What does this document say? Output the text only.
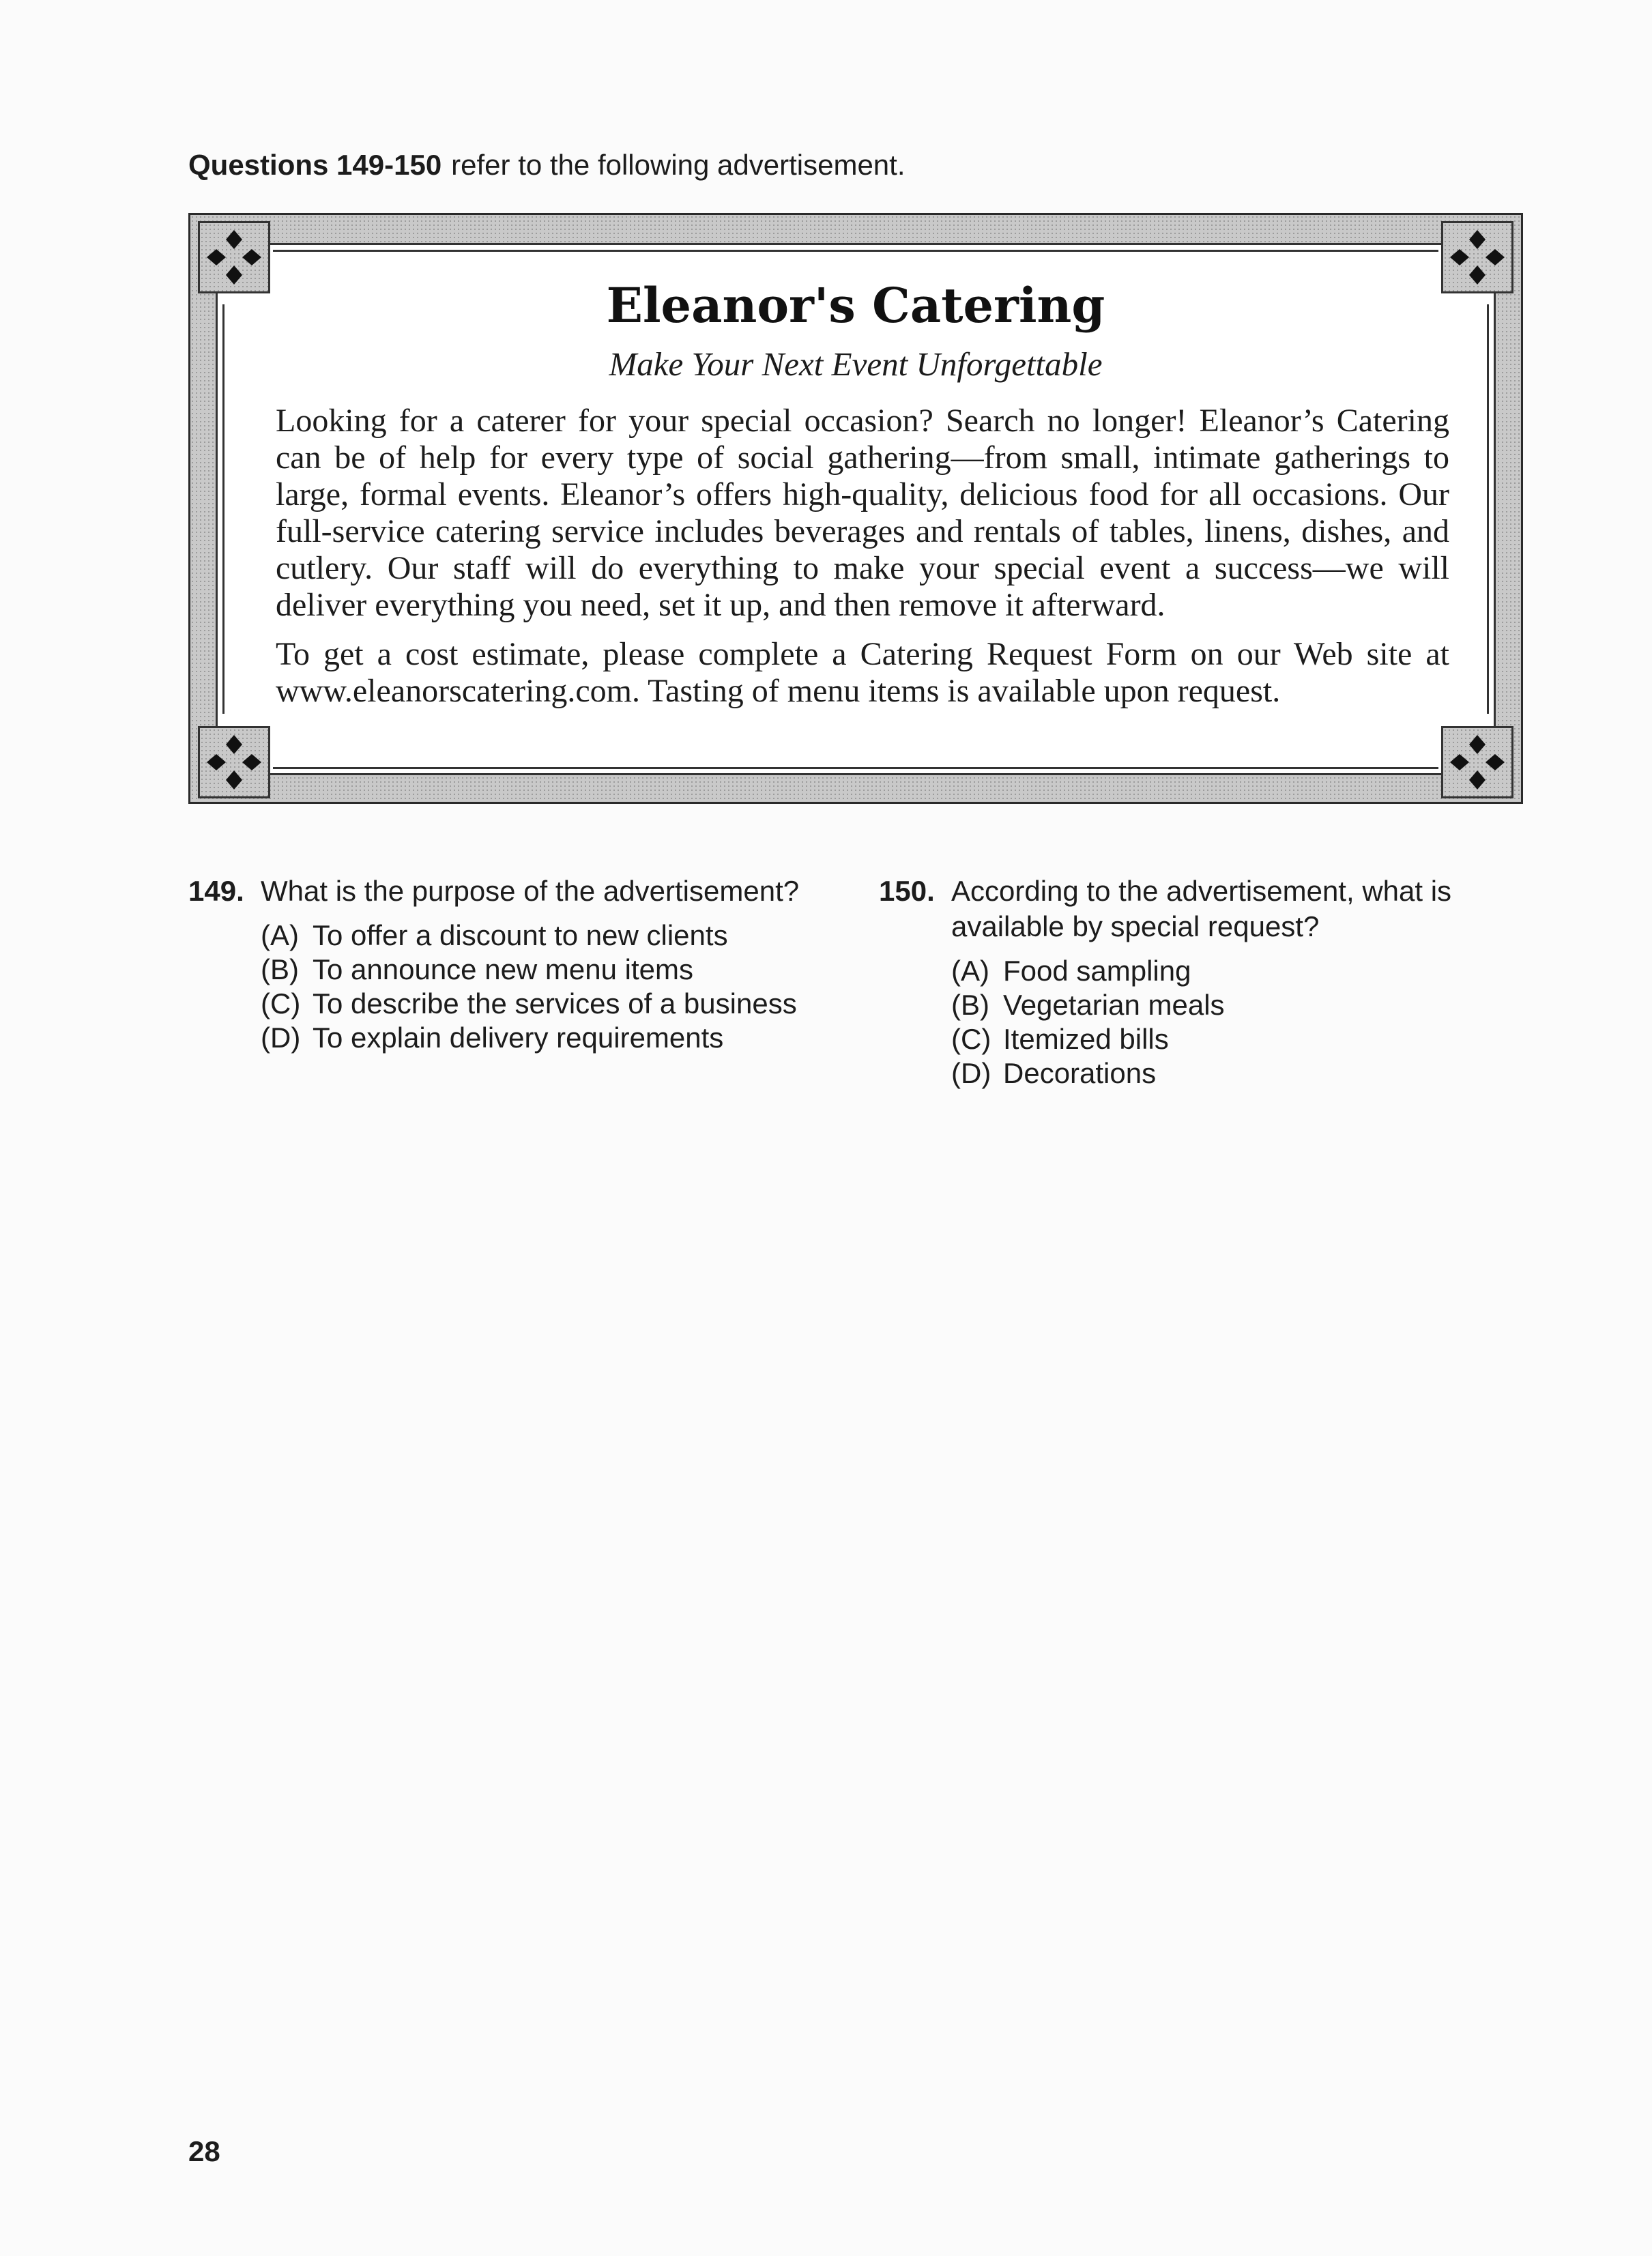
Questions 149-150 refer to the following advertisement.
Eleanor's Catering
Make Your Next Event Unforgettable

Looking for a caterer for your special occasion? Search no longer! Eleanor’s Catering can be of help for every type of social gathering—from small, intimate gatherings to large, formal events. Eleanor’s offers high-quality, delicious food for all occasions. Our full-service catering service includes beverages and rentals of tables, linens, dishes, and cutlery. Our staff will do everything to make your special event a success—we will deliver everything you need, set it up, and then remove it afterward.

To get a cost estimate, please complete a Catering Request Form on our Web site at www.eleanorscatering.com. Tasting of menu items is available upon request.

149. What is the purpose of the advertisement?
(A) To offer a discount to new clients
(B) To announce new menu items
(C) To describe the services of a business
(D) To explain delivery requirements
150. According to the advertisement, what is available by special request?
(A) Food sampling
(B) Vegetarian meals
(C) Itemized bills
(D) Decorations
28
